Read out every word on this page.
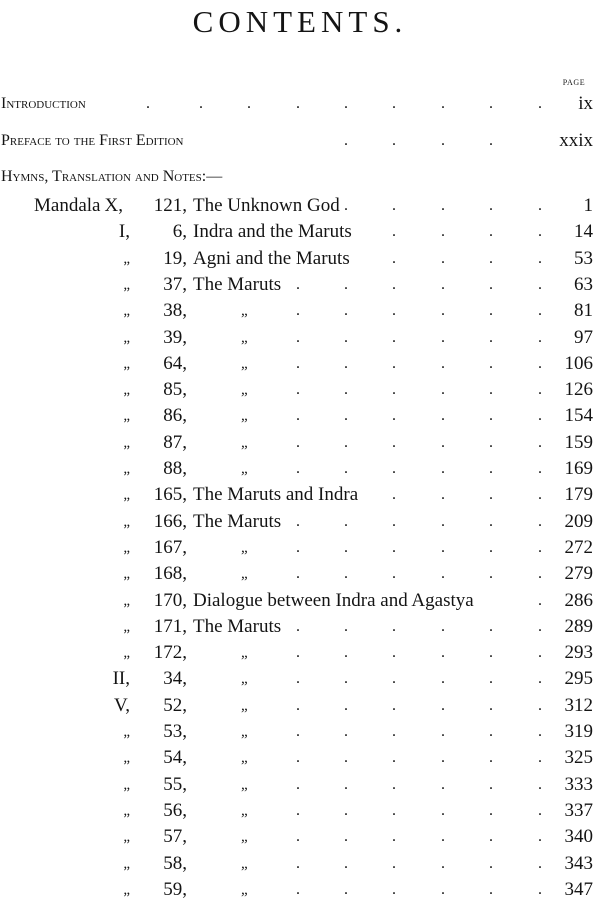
CONTENTS.
PAGE
Introduction	.	.	.	.	.	.	.	.	. ix
Preface to the First Edition	.	.	.	.	xxix
Hymns, Translation and Notes:—
Mandala X, 121, The Unknown God .	.	.	.	. 1
I,	6, Indra and the Maruts	.	.	.	. 14
„	19, Agni and the Maruts	.	.	.	. 53
„	37, The Maruts .	.	.	.	.	. 63
„	38,	„	.	.	.	.	.	. 81
„	39,	„	.	.	.	.	.	. 97
„	64,	„	.	.	.	.	.	. 106
„	85,	„	.	.	.	.	.	. 126
„	86,	„	.	.	.	.	.	. 154
„	87,	„	.	.	.	.	.	. 159
„	88,	„	.	.	.	.	.	. 169
„ 165, The Maruts and Indra .	.	.	. 179
„ 166, The Maruts .	.	.	.	.	. 209
„ 167,	„	.	.	.	.	.	. 272
„ 168,	„	.	.	.	.	.	. 279
„ 170, Dialogue between Indra and Agastya	. 286
„ 171, The Maruts .	.	.	.	.	. 289
„ 172,	„	.	.	.	.	.	. 293
II,	34,	„	.	.	.	.	.	. 295
V,	52,	„	.	.	.	.	.	. 312
„	53,	„	.	.	.	.	.	. 319
„	54,	„	.	.	.	.	.	. 325
„	55,	„	.	.	.	.	.	. 333
„	56,	„	.	.	.	.	.	. 337
„	57,	„	.	.	.	.	.	. 340
„	58,	„	.	.	.	.	.	. 343
„	59,	„	.	.	.	.	.	. 347
